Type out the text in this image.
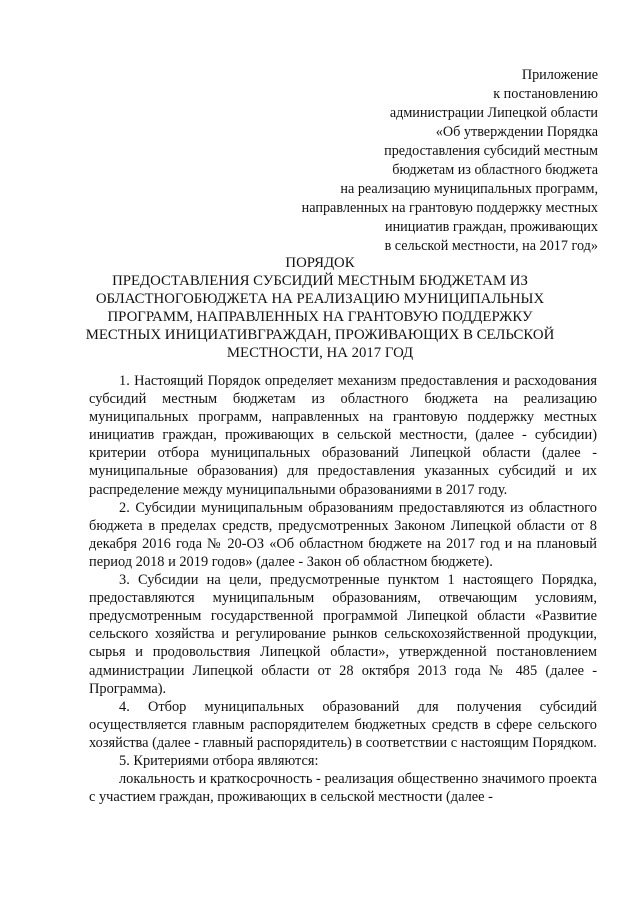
Приложение
к постановлению
администрации Липецкой области
«Об утверждении Порядка
предоставления субсидий местным
бюджетам из областного бюджета
на реализацию муниципальных программ,
направленных на грантовую поддержку местных
инициатив граждан, проживающих
в сельской местности, на 2017 год»
ПОРЯДОК
ПРЕДОСТАВЛЕНИЯ СУБСИДИЙ МЕСТНЫМ БЮДЖЕТАМ ИЗ
ОБЛАСТНОГОБЮДЖЕТА НА РЕАЛИЗАЦИЮ МУНИЦИПАЛЬНЫХ
ПРОГРАММ, НАПРАВЛЕННЫХ НА ГРАНТОВУЮ ПОДДЕРЖКУ
МЕСТНЫХ ИНИЦИАТИВГРАЖДАН, ПРОЖИВАЮЩИХ В СЕЛЬСКОЙ
МЕСТНОСТИ, НА 2017 ГОД

1. Настоящий Порядок определяет механизм предоставления и расходования субсидий местным бюджетам из областного бюджета на реализацию муниципальных программ, направленных на грантовую поддержку местных инициатив граждан, проживающих в сельской местности, (далее - субсидии) критерии отбора муниципальных образований Липецкой области (далее - муниципальные образования) для предоставления указанных субсидий и их распределение между муниципальными образованиями в 2017 году.

2. Субсидии муниципальным образованиям предоставляются из областного бюджета в пределах средств, предусмотренных Законом Липецкой области от 8 декабря 2016 года № 20-ОЗ «Об областном бюджете на 2017 год и на плановый период 2018 и 2019 годов» (далее - Закон об областном бюджете).

3. Субсидии на цели, предусмотренные пунктом 1 настоящего Порядка, предоставляются муниципальным образованиям, отвечающим условиям, предусмотренным государственной программой Липецкой области «Развитие сельского хозяйства и регулирование рынков сельскохозяйственной продукции, сырья и продовольствия Липецкой области», утвержденной постановлением администрации Липецкой области от 28 октября 2013 года № 485 (далее - Программа).

4. Отбор муниципальных образований для получения субсидий осуществляется главным распорядителем бюджетных средств в сфере сельского хозяйства (далее - главный распорядитель) в соответствии с настоящим Порядком.

5. Критериями отбора являются:

локальность и краткосрочность - реализация общественно значимого проекта с участием граждан, проживающих в сельской местности (далее -
